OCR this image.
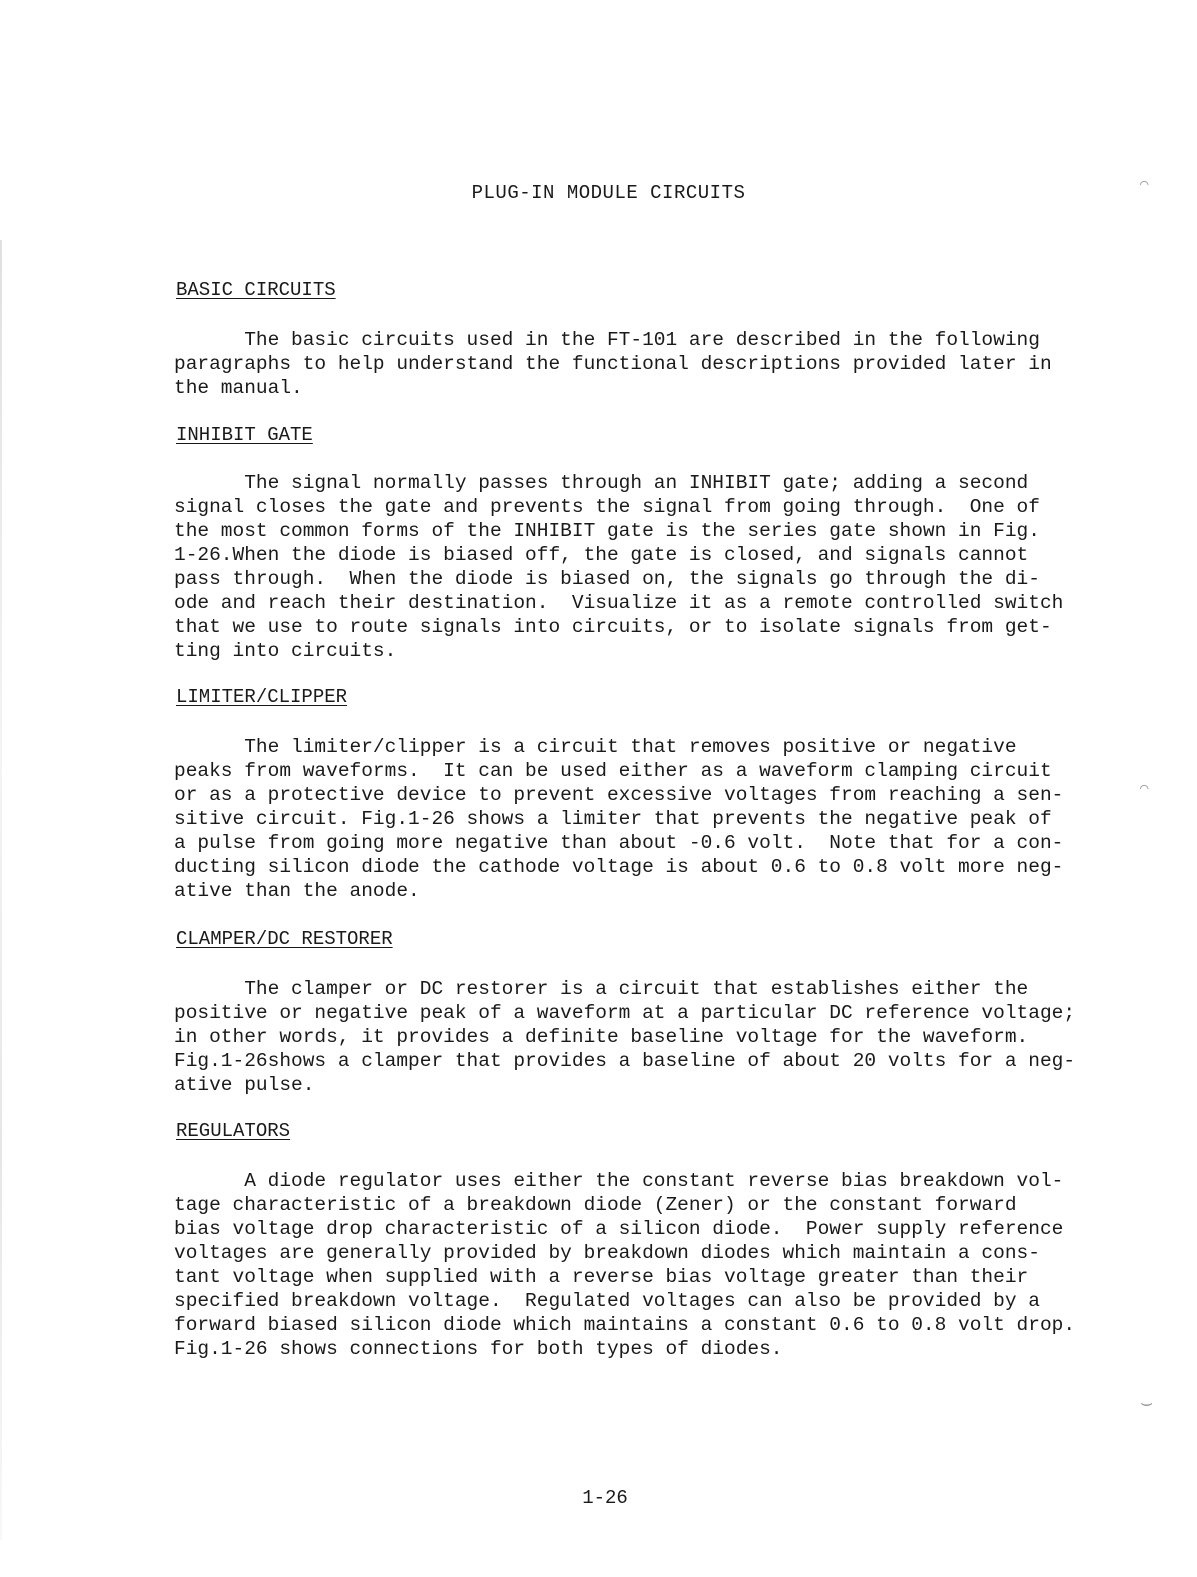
⌒
⌒
⌣
PLUG-IN MODULE CIRCUITS
BASIC CIRCUITS
The basic circuits used in the FT-101 are described in the following
paragraphs to help understand the functional descriptions provided later in
the manual.
INHIBIT GATE
The signal normally passes through an INHIBIT gate; adding a second
signal closes the gate and prevents the signal from going through.  One of
the most common forms of the INHIBIT gate is the series gate shown in Fig.
1-26.When the diode is biased off, the gate is closed, and signals cannot
pass through.  When the diode is biased on, the signals go through the di-
ode and reach their destination.  Visualize it as a remote controlled switch
that we use to route signals into circuits, or to isolate signals from get-
ting into circuits.
LIMITER/CLIPPER
The limiter/clipper is a circuit that removes positive or negative
peaks from waveforms.  It can be used either as a waveform clamping circuit
or as a protective device to prevent excessive voltages from reaching a sen-
sitive circuit. Fig.1-26 shows a limiter that prevents the negative peak of
a pulse from going more negative than about -0.6 volt.  Note that for a con-
ducting silicon diode the cathode voltage is about 0.6 to 0.8 volt more neg-
ative than the anode.
CLAMPER/DC RESTORER
The clamper or DC restorer is a circuit that establishes either the
positive or negative peak of a waveform at a particular DC reference voltage;
in other words, it provides a definite baseline voltage for the waveform.
Fig.1-26shows a clamper that provides a baseline of about 20 volts for a neg-
ative pulse.
REGULATORS
A diode regulator uses either the constant reverse bias breakdown vol-
tage characteristic of a breakdown diode (Zener) or the constant forward
bias voltage drop characteristic of a silicon diode.  Power supply reference
voltages are generally provided by breakdown diodes which maintain a cons-
tant voltage when supplied with a reverse bias voltage greater than their
specified breakdown voltage.  Regulated voltages can also be provided by a
forward biased silicon diode which maintains a constant 0.6 to 0.8 volt drop.
Fig.1-26 shows connections for both types of diodes.
1-26
